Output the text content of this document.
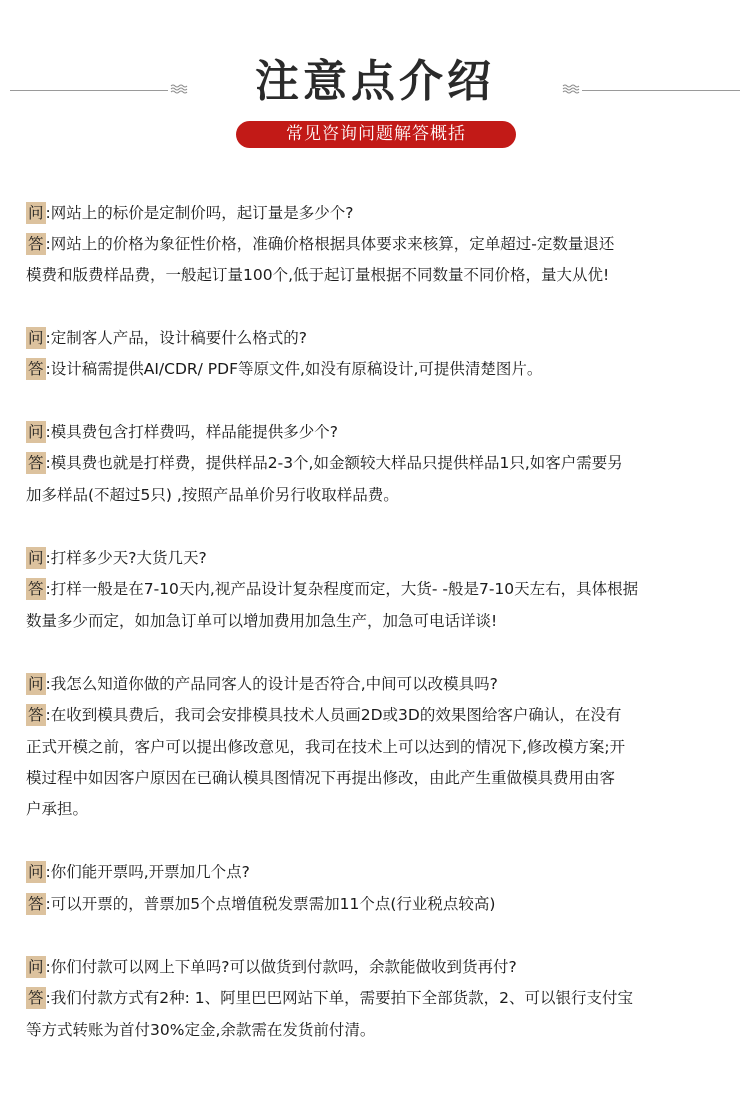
注意点介绍
常见咨询问题解答概括
问 :网站上的标价是定制价吗，起订量是多少个?
答 :网站上的价格为象征性价格，准确价格根据具体要求来核算，定单超过-定数量退还
模费和版费样品费，一般起订量100个,低于起订量根据不同数量不同价格，量大从优!
问 :定制客人产品，设计稿要什么格式的?
答 :设计稿需提供AI/CDR/ PDF等原文件,如没有原稿设计,可提供清楚图片。
问 :模具费包含打样费吗，样品能提供多少个?
答 :模具费也就是打样费，提供样品2-3个,如金额较大样品只提供样品1只,如客户需要另
加多样品(不超过5只) ,按照产品单价另行收取样品费。
问 :打样多少天?大货几天?
答 :打样一般是在7-10天内,视产品设计复杂程度而定，大货- -般是7-10天左右，具体根据
数量多少而定，如加急订单可以增加费用加急生产，加急可电话详谈!
问 :我怎么知道你做的产品同客人的设计是否符合,中间可以改模具吗?
答 :在收到模具费后，我司会安排模具技术人员画2D或3D的效果图给客户确认，在没有
正式开模之前，客户可以提出修改意见，我司在技术上可以达到的情况下,修改模方案;开
模过程中如因客户原因在已确认模具图情况下再提出修改，由此产生重做模具费用由客
户承担。
问 :你们能开票吗,开票加几个点?
答 :可以开票的，普票加5个点增值税发票需加11个点(行业税点较高)
问 :你们付款可以网上下单吗?可以做货到付款吗，余款能做收到货再付?
答 :我们付款方式有2种: 1、阿里巴巴网站下单，需要拍下全部货款，2、可以银行支付宝
等方式转账为首付30%定金,余款需在发货前付清。
